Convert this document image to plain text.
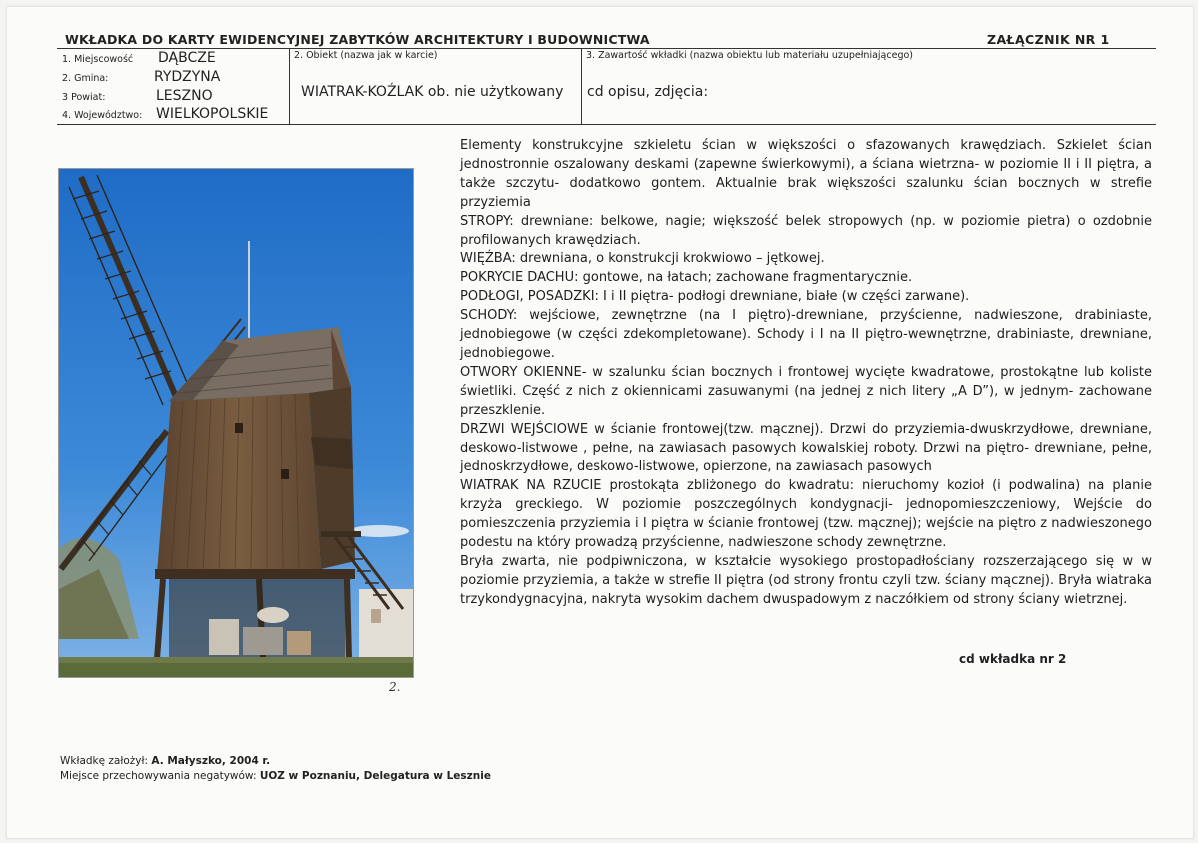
WKŁADKA DO KARTY EWIDENCYJNEJ ZABYTKÓW ARCHITEKTURY I BUDOWNICTWA	ZAŁĄCZNIK NR 1
1. Miejscowość DĄBCZE
2. Gmina:	RYDZYNA
3 Powiat:	LESZNO
4. Województwo: WIELKOPOLSKIE
2. Obiekt (nazwa jak w karcie)
WIATRAK-KOŹLAK ob. nie użytkowany
3. Zawartość wkładki (nazwa obiektu lub materiału uzupełniającego)
cd opisu, zdjęcia:
2.

Elementy konstrukcyjne szkieletu ścian w większości o sfazowanych krawędziach. Szkielet ścian jednostronnie oszalowany deskami (zapewne świerkowymi), a ściana wietrzna- w poziomie II i II piętra, a także szczytu- dodatkowo gontem. Aktualnie brak większości szalunku ścian bocznych w strefie przyziemia

STROPY: drewniane: belkowe, nagie; większość belek stropowych (np. w poziomie pietra) o ozdobnie profilowanych krawędziach.

WIĘŹBA: drewniana, o konstrukcji krokwiowo – jętkowej.

POKRYCIE DACHU: gontowe, na łatach; zachowane fragmentarycznie.

PODŁOGI, POSADZKI: I i II piętra- podłogi drewniane, białe (w części zarwane).

SCHODY: wejściowe, zewnętrzne (na I piętro)-drewniane, przyścienne, nadwieszone, drabiniaste, jednobiegowe (w części zdekompletowane). Schody i I na II piętro-wewnętrzne, drabiniaste, drewniane, jednobiegowe.

OTWORY OKIENNE- w szalunku ścian bocznych i frontowej wycięte kwadratowe, prostokątne lub koliste świetliki. Część z nich z okiennicami zasuwanymi (na jednej z nich litery „A D”), w jednym- zachowane przeszklenie.

DRZWI WEJŚCIOWE w ścianie frontowej(tzw. mącznej). Drzwi do przyziemia-dwuskrzydłowe, drewniane, deskowo-listwowe , pełne, na zawiasach pasowych kowalskiej roboty. Drzwi na piętro- drewniane, pełne, jednoskrzydłowe, deskowo-listwowe, opierzone, na zawiasach pasowych

WIATRAK NA RZUCIE prostokąta zbliżonego do kwadratu: nieruchomy kozioł (i podwalina) na planie krzyża greckiego. W poziomie poszczególnych kondygnacji- jednopomieszczeniowy, Wejście do pomieszczenia przyziemia i I piętra w ścianie frontowej (tzw. mącznej); wejście na piętro z nadwieszonego podestu na który prowadzą przyścienne, nadwieszone schody zewnętrzne.

Bryła zwarta, nie podpiwniczona, w kształcie wysokiego prostopadłościany rozszerzającego się w w poziomie przyziemia, a także w strefie II piętra (od strony frontu czyli tzw. ściany mącznej). Bryła wiatraka trzykondygnacyjna, nakryta wysokim dachem dwuspadowym z naczółkiem od strony ściany wietrznej.

cd wkładka nr 2
Wkładkę założył: A. Małyszko, 2004 r.
Miejsce przechowywania negatywów: UOZ w Poznaniu, Delegatura w Lesznie
